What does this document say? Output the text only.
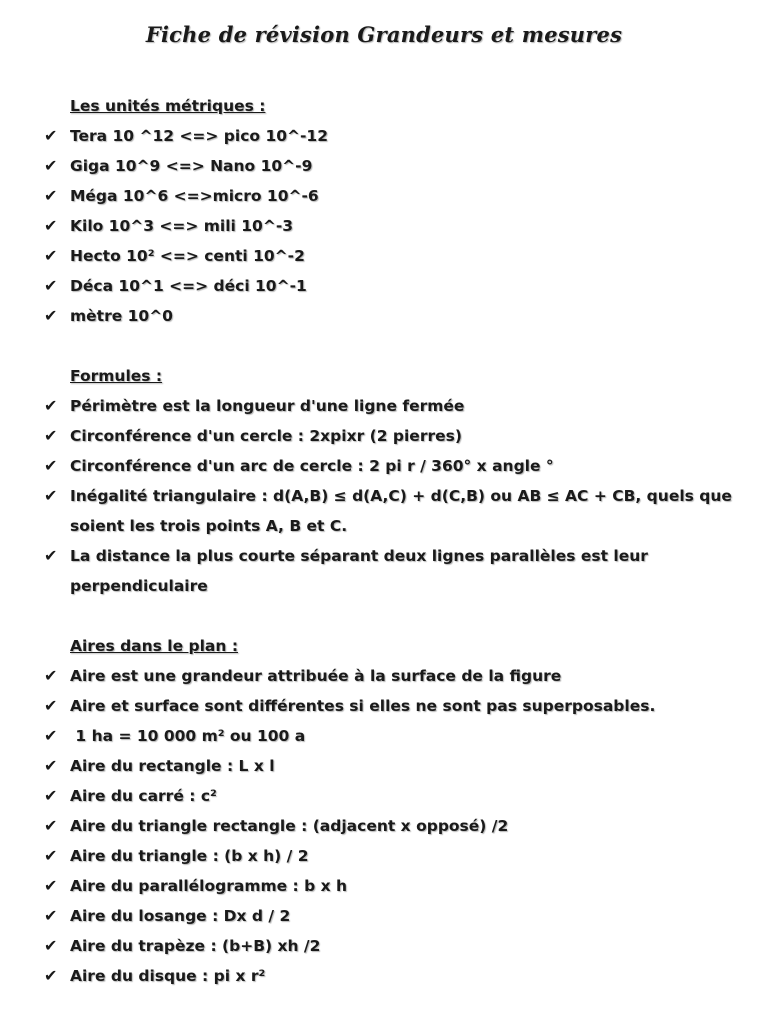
Fiche de révision Grandeurs et mesures
Les unités métriques :
✔ Tera 10 ^12 <=> pico 10^-12
✔ Giga 10^9 <=> Nano 10^-9
✔ Méga 10^6 <=>micro 10^-6
✔ Kilo 10^3 <=> mili 10^-3
✔ Hecto 10² <=> centi 10^-2
✔ Déca 10^1 <=> déci 10^-1
✔ mètre 10^0
Formules :
✔ Périmètre est la longueur d'une ligne fermée
✔ Circonférence d'un cercle : 2xpixr (2 pierres)
✔ Circonférence d'un arc de cercle : 2 pi r / 360° x angle °
✔ Inégalité triangulaire : d(A,B) ≤ d(A,C) + d(C,B) ou AB ≤ AC + CB, quels que soient les trois points A, B et C.
✔ La distance la plus courte séparant deux lignes parallèles est leur perpendiculaire
Aires dans le plan :
✔ Aire est une grandeur attribuée à la surface de la figure
✔ Aire et surface sont différentes si elles ne sont pas superposables.
✔ 1 ha = 10 000 m² ou 100 a
✔ Aire du rectangle : L x l
✔ Aire du carré : c²
✔ Aire du triangle rectangle : (adjacent x opposé) /2
✔ Aire du triangle : (b x h) / 2
✔ Aire du parallélogramme : b x h
✔ Aire du losange : Dx d / 2
✔ Aire du trapèze : (b+B) xh /2
✔ Aire du disque : pi x r²
